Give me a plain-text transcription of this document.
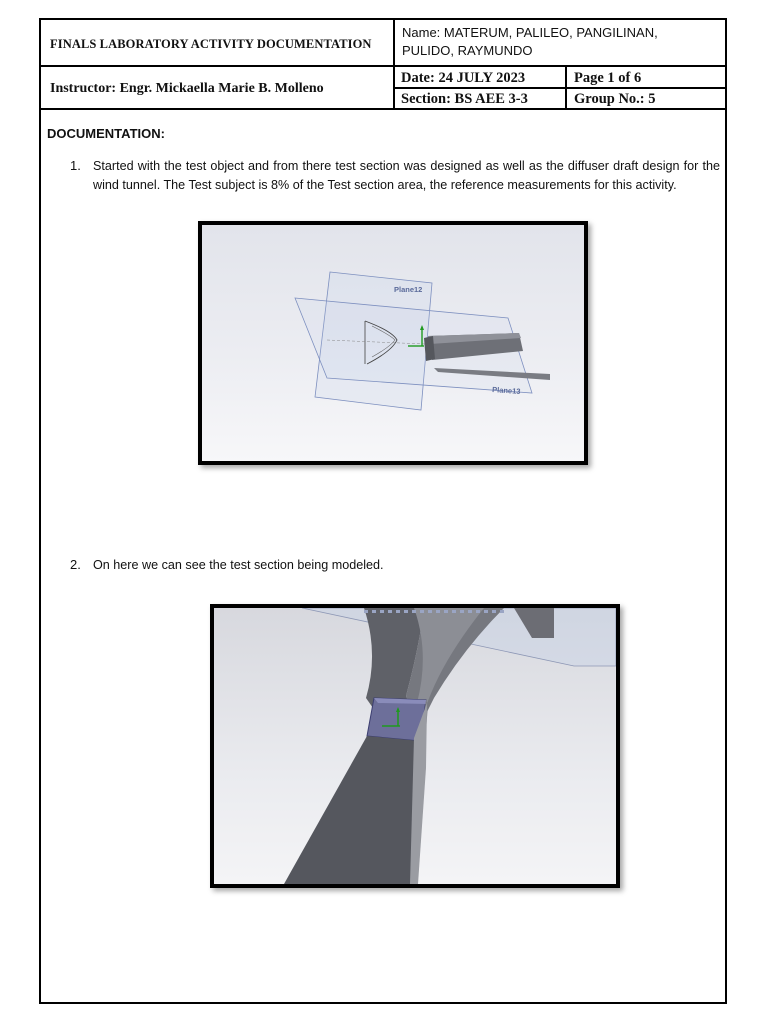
FINALS LABORATORY ACTIVITY DOCUMENTATION
Name: MATERUM, PALILEO, PANGILINAN, PULIDO, RAYMUNDO
Instructor: Engr. Mickaella Marie B. Molleno
Date: 24 JULY 2023	Page 1 of 6
Section: BS AEE 3-3	Group No.: 5
DOCUMENTATION:
1. Started with the test object and from there test section was designed as well as the diffuser draft design for the wind tunnel. The Test subject is 8% of the Test section area, the reference measurements for this activity.
Plane12
Plane13
2. On here we can see the test section being modeled.
